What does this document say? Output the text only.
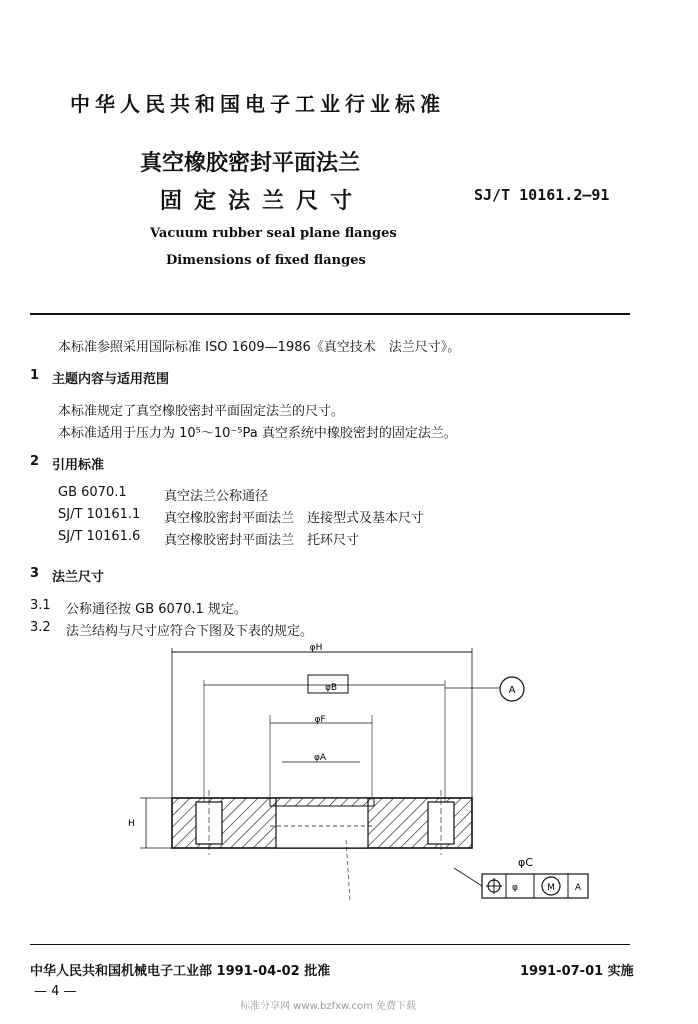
中华人民共和国电子工业行业标准
真空橡胶密封平面法兰
固定法兰尺寸	SJ/T 10161.2—91
Vacuum rubber seal plane flanges
Dimensions of fixed flanges
本标准参照采用国际标准 ISO 1609—1986《真空技术　法兰尺寸》。
1 主题内容与适用范围
本标准规定了真空橡胶密封平面固定法兰的尺寸。
本标准适用于压力为 10⁵～10⁻⁵Pa 真空系统中橡胶密封的固定法兰。
2 引用标准
GB 6070.1	真空法兰公称通径
SJ/T 10161.1 真空橡胶密封平面法兰　连接型式及基本尺寸
SJ/T 10161.6 真空橡胶密封平面法兰　托环尺寸
3 法兰尺寸
3.1 公称通径按 GB 6070.1 规定。
3.2 法兰结构与尺寸应符合下图及下表的规定。
φH
φB	A
φF
φA
H
φC
φ	M A
中华人民共和国机械电子工业部 1991-04-02 批准	1991-07-01 实施
— 4 —
标准分享网 www.bzfxw.com 免费下载
